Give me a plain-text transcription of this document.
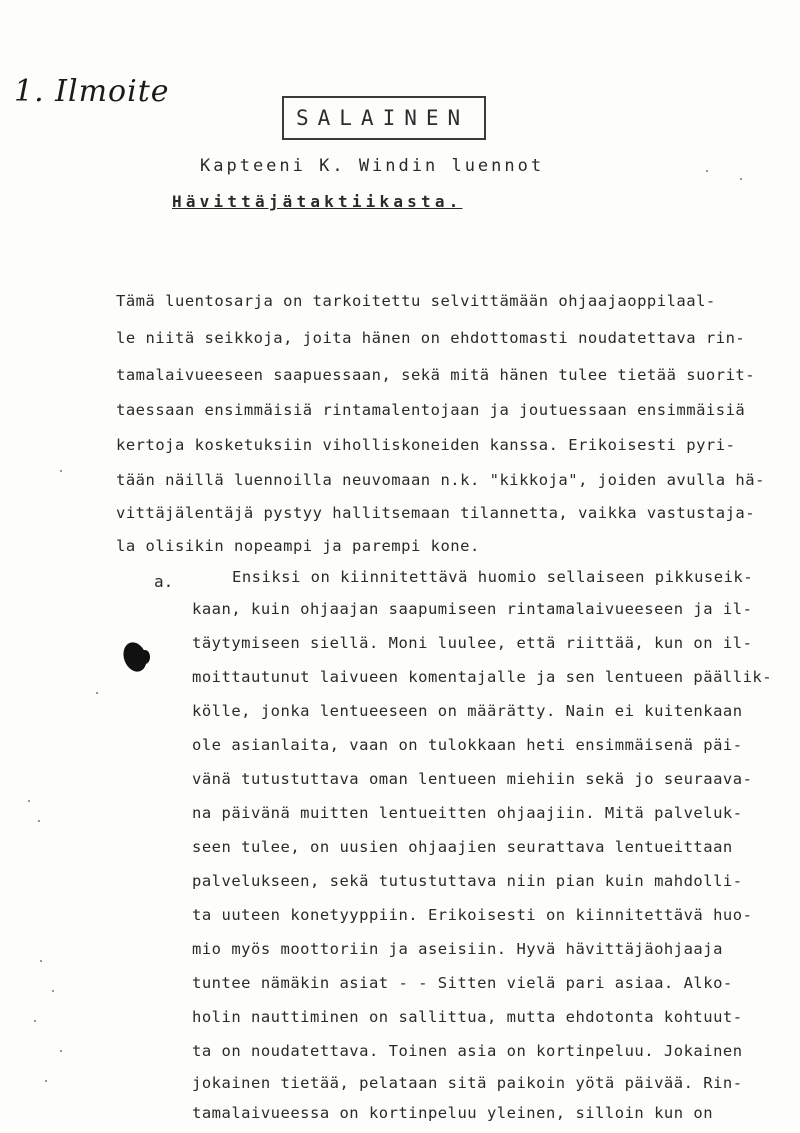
1. Ilmoite
SALAINEN
Kapteeni K. Windin luennot
Hävittäjätaktiikasta.
Tämä luentosarja on tarkoitettu selvittämään ohjaajaoppilaal-
le niitä seikkoja, joita hänen on ehdottomasti noudatettava rin-
tamalaivueeseen saapuessaan, sekä mitä hänen tulee tietää suorit-
taessaan ensimmäisiä rintamalentojaan ja joutuessaan ensimmäisiä
kertoja kosketuksiin viholliskoneiden kanssa. Erikoisesti pyri-
tään näillä luennoilla neuvomaan n.k. "kikkoja", joiden avulla hä-
vittäjälentäjä pystyy hallitsemaan tilannetta, vaikka vastustaja-
la olisikin nopeampi ja parempi kone.
a.	Ensiksi on kiinnitettävä huomio sellaiseen pikkuseik-
kaan, kuin ohjaajan saapumiseen rintamalaivueeseen ja il-
täytymiseen siellä. Moni luulee, että riittää, kun on il-
moittautunut laivueen komentajalle ja sen lentueen päällik-
kölle, jonka lentueeseen on määrätty. Nain ei kuitenkaan
ole asianlaita, vaan on tulokkaan heti ensimmäisenä päi-
vänä tutustuttava oman lentueen miehiin sekä jo seuraava-
na päivänä muitten lentueitten ohjaajiin. Mitä palveluk-
seen tulee, on uusien ohjaajien seurattava lentueittaan
palvelukseen, sekä tutustuttava niin pian kuin mahdolli-
ta uuteen konetyyppiin. Erikoisesti on kiinnitettävä huo-
mio myös moottoriin ja aseisiin. Hyvä hävittäjäohjaaja
tuntee nämäkin asiat - - Sitten vielä pari asiaa. Alko-
holin nauttiminen on sallittua, mutta ehdotonta kohtuut-
ta on noudatettava. Toinen asia on kortinpeluu. Jokainen
jokainen tietää, pelataan sitä paikoin yötä päivää. Rin-
tamalaivueessa on kortinpeluu yleinen, silloin kun on
